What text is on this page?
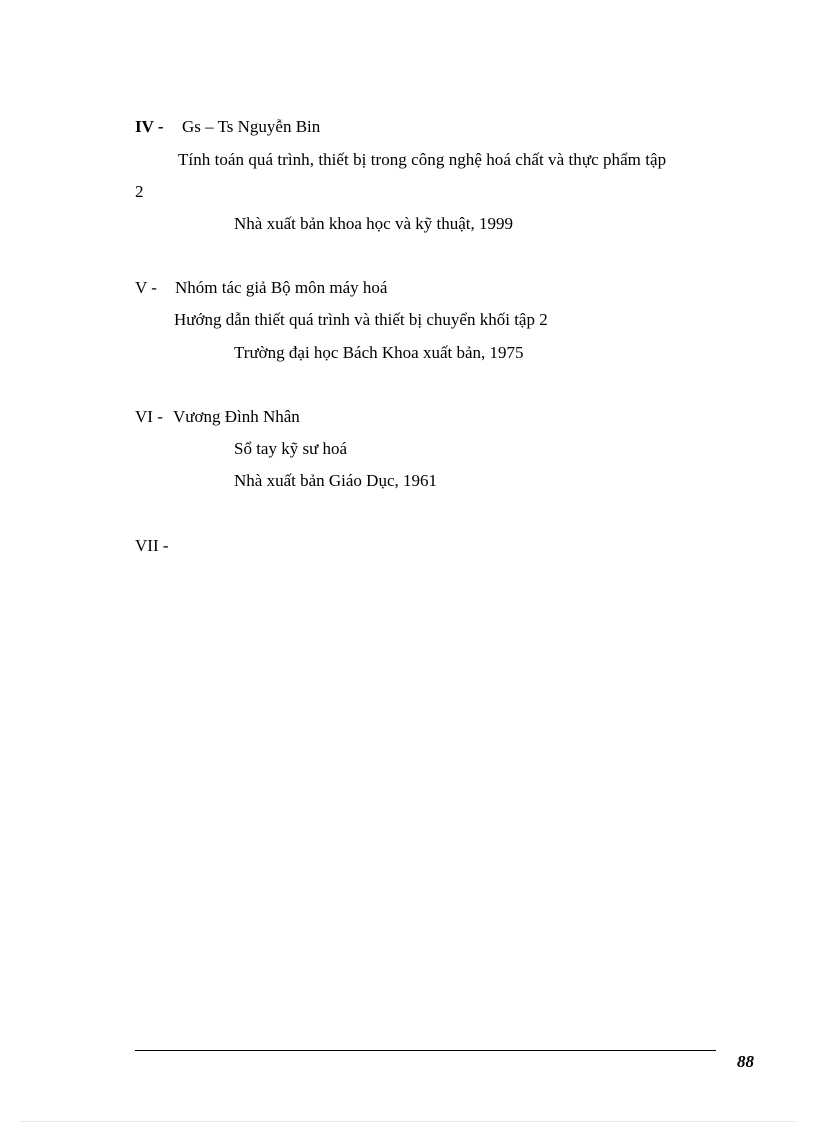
IV - Gs – Ts Nguyễn Bin
Tính toán quá trình, thiết bị trong công nghệ hoá chất và thực phẩm tập
2
Nhà xuất bản khoa học và kỹ thuật, 1999
V - Nhóm tác giả Bộ môn máy hoá
Hướng dẫn thiết quá trình và thiết bị chuyển khối tập 2
Trường đại học Bách Khoa xuất bản, 1975
VI - Vương Đình Nhân
Sổ tay kỹ sư hoá
Nhà xuất bản Giáo Dục, 1961
VII -
88
